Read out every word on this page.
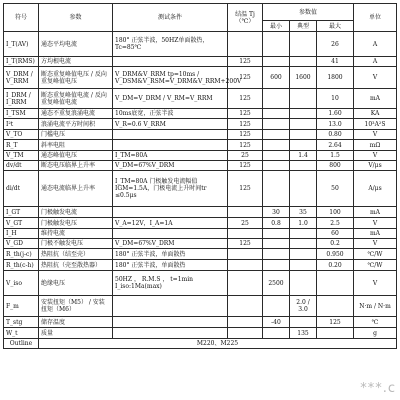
符号	参数	测试条件	结温 Tj（℃）	参数值			单位
				最小	典型	最大	
I_T(AV)	通态平均电流	180° 正弦半波，50HZ单面散热，Tc=85℃				26	A
I_T(RMS)	方均根电流		125			41	A
V_DRM / V_RRM	断态重复峰值电压 / 反向重复峰值电压	V_DRM&V_RRM tp=10ms / V_DSM&V_RSM=V_DRM&V_RRM+200V	125	600	1600	1800	V
I_DRM / I_RRM	断态重复峰值电流 / 反向重复峰值电流	V_DM=V_DRM / V_RM=V_RRM	125			10	mA
I_TSM	通态不重复浪涌电流	10ms底宽，正弦半波	125			1.60	KA
I²t	浪涌电流平方时间积	V_R=0.6 V_RRM	125			13.0	10³A²S
V_TO	门槛电压		125			0.80	V
R_T	斜率电阻		125			2.64	mΩ
V_TM	通态峰值电压	I_TM=80A	25		1.4	1.5	V
dv/dt	断态电压临界上升率	V_DM=67%V_DRM	125			800	V/μs
di/dt	通态电流临界上升率	I_TM=80A 门极触发电流幅值IGM=1.5A，门极电流上升时间tr ≤0.5μs	125			50	A/μs
I_GT	门极触发电流			30	35	100	mA
V_GT	门极触发电压	V_A=12V，I_A=1A	25	0.8	1.0	2.5	V
I_H	维持电流					60	mA
V_GD	门极不触发电压	V_DM=67%V_DRM	125			0.2	V
R_th(j-c)	热阻抗（结至壳）	180° 正弦半波，单面散热				0.950	℃/W
R_th(c-h)	热阻抗（壳至散热器）	180° 正弦半波，单面散热				0.20	℃/W
V_iso	绝缘电压	50HZ ， R.M.S ， t=1min I_iso:1Ma(max)		2500			V
F_m	安装扭矩（M5） / 安装扭矩（M6）				2.0 / 3.0		N·m / N·m
T_stg	储存温度			-40		125	℃
W_t	质量				135		g
Outline	M220、M225						
***.c
